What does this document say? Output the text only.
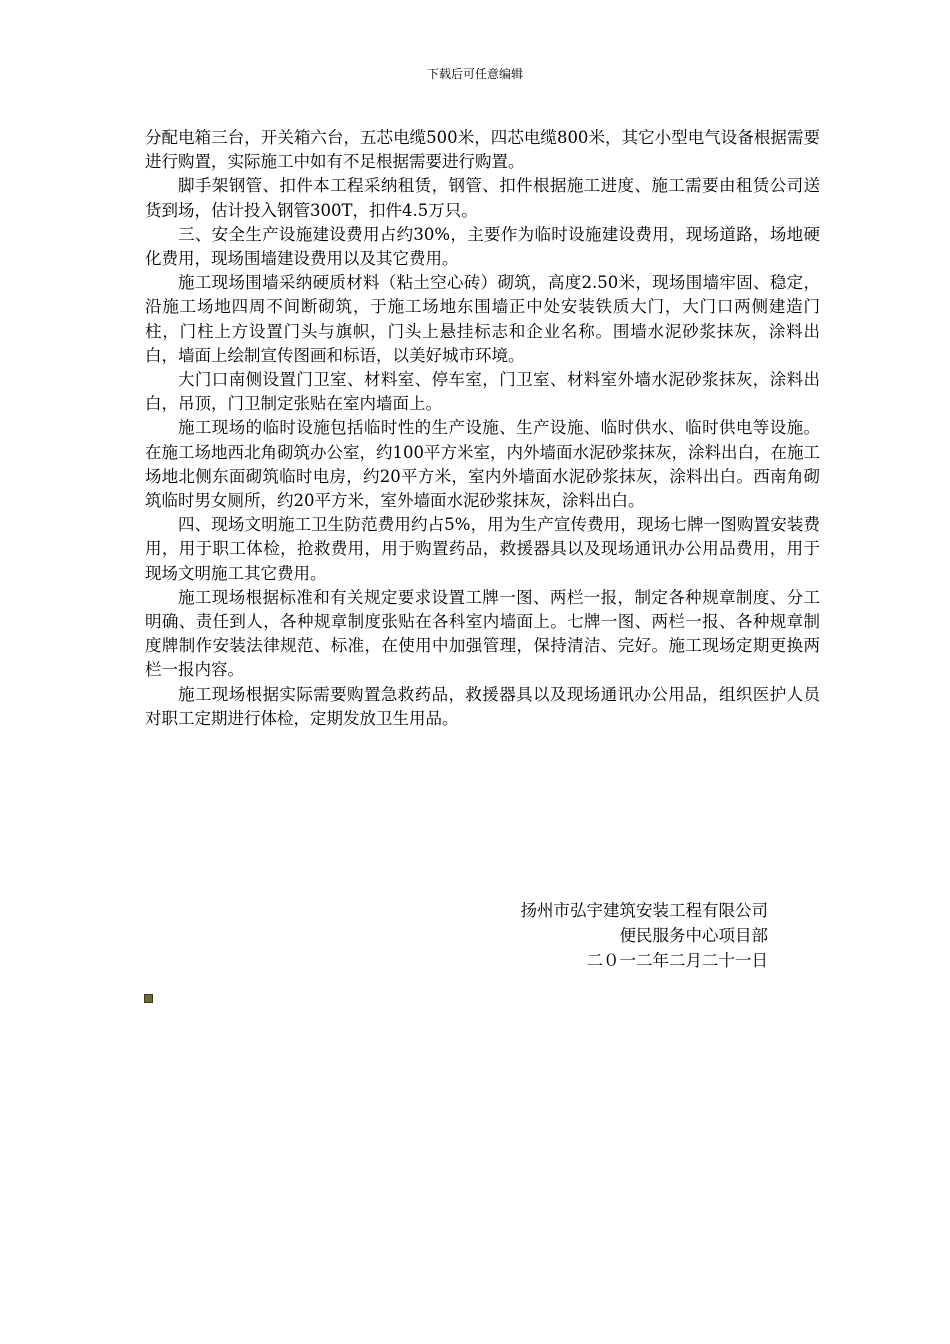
下载后可任意编辑

分配电箱三台，开关箱六台，五芯电缆500米，四芯电缆800米，其它小型电气设备根据需要进行购置，实际施工中如有不足根据需要进行购置。

脚手架钢管、扣件本工程采纳租赁，钢管、扣件根据施工进度、施工需要由租赁公司送货到场，估计投入钢管300T，扣件4.5万只。

三、安全生产设施建设费用占约30%，主要作为临时设施建设费用，现场道路，场地硬化费用，现场围墙建设费用以及其它费用。

施工现场围墙采纳硬质材料（粘土空心砖）砌筑，高度2.50米，现场围墙牢固、稳定，沿施工场地四周不间断砌筑，于施工场地东围墙正中处安装铁质大门，大门口两侧建造门柱，门柱上方设置门头与旗帜，门头上悬挂标志和企业名称。围墙水泥砂浆抹灰，涂料出白，墙面上绘制宣传图画和标语，以美好城市环境。

大门口南侧设置门卫室、材料室、停车室，门卫室、材料室外墙水泥砂浆抹灰，涂料出白，吊顶，门卫制定张贴在室内墙面上。

施工现场的临时设施包括临时性的生产设施、生产设施、临时供水、临时供电等设施。在施工场地西北角砌筑办公室，约100平方米室，内外墙面水泥砂浆抹灰，涂料出白，在施工场地北侧东面砌筑临时电房，约20平方米，室内外墙面水泥砂浆抹灰，涂料出白。西南角砌筑临时男女厕所，约20平方米，室外墙面水泥砂浆抹灰，涂料出白。

四、现场文明施工卫生防范费用约占5%，用为生产宣传费用，现场七牌一图购置安装费用，用于职工体检，抢救费用，用于购置药品，救援器具以及现场通讯办公用品费用，用于现场文明施工其它费用。

施工现场根据标准和有关规定要求设置工牌一图、两栏一报，制定各种规章制度、分工明确、责任到人，各种规章制度张贴在各科室内墙面上。七牌一图、两栏一报、各种规章制度牌制作安装法律规范、标准，在使用中加强管理，保持清洁、完好。施工现场定期更换两栏一报内容。

施工现场根据实际需要购置急救药品，救援器具以及现场通讯办公用品，组织医护人员对职工定期进行体检，定期发放卫生用品。

扬州市弘宇建筑安装工程有限公司
便民服务中心项目部
二０一二年二月二十一日
